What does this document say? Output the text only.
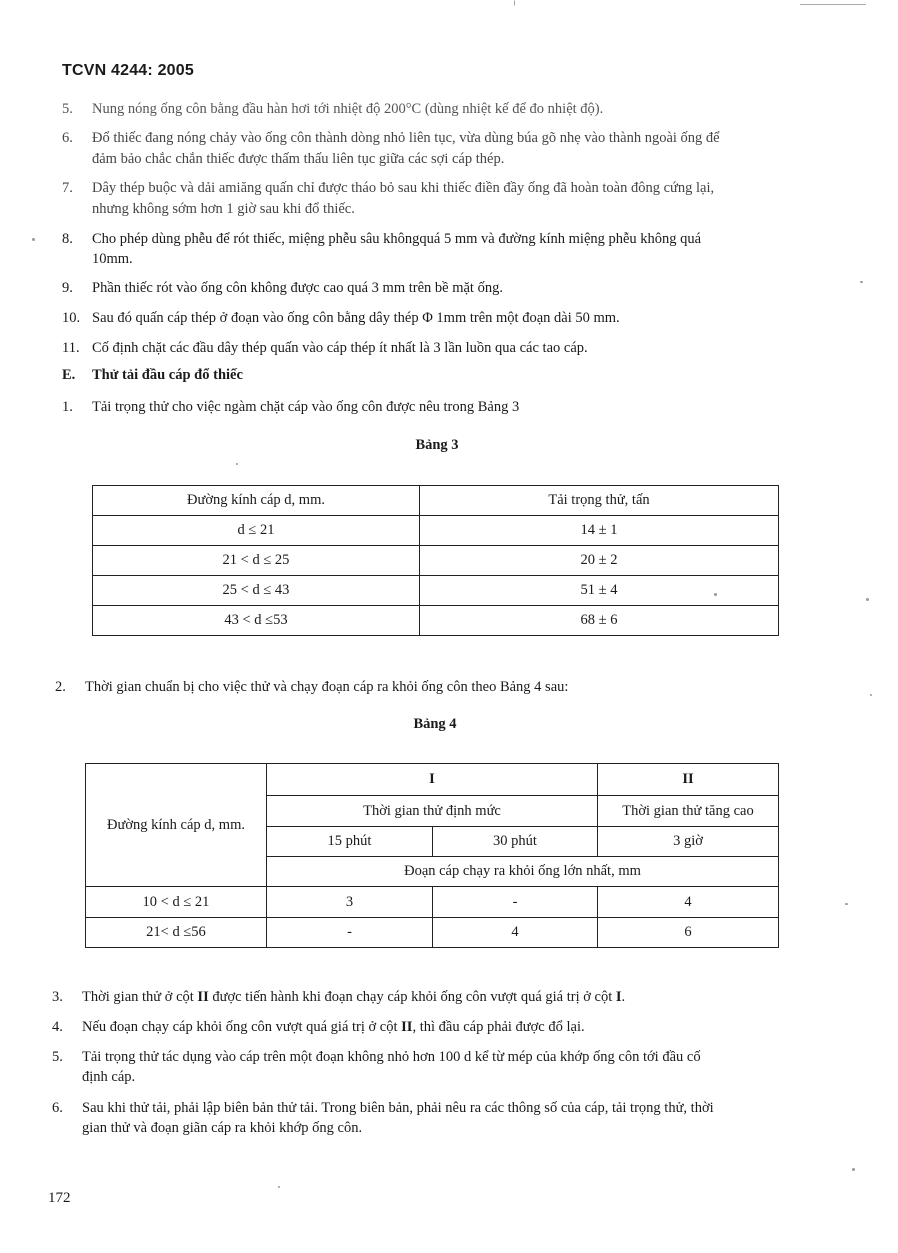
TCVN 4244: 2005
5. Nung nóng ống côn bằng đầu hàn hơi tới nhiệt độ 200°C (dùng nhiệt kế để đo nhiệt độ).
6. Đổ thiếc đang nóng chảy vào ống côn thành dòng nhỏ liên tục, vừa dùng búa gõ nhẹ vào thành ngoài ống để
đảm bảo chắc chắn thiếc được thấm thấu liên tục giữa các sợi cáp thép.
7. Dây thép buộc và dải amiăng quấn chỉ được tháo bỏ sau khi thiếc điền đầy ống đã hoàn toàn đông cứng lại,
nhưng không sớm hơn 1 giờ sau khi đổ thiếc.
8. Cho phép dùng phễu để rót thiếc, miệng phễu sâu khôngquá 5 mm và đường kính miệng phễu không quá
10mm.
9. Phần thiếc rót vào ống côn không được cao quá 3 mm trên bề mặt ống.
10. Sau đó quấn cáp thép ở đoạn vào ống côn bằng dây thép Φ 1mm trên một đoạn dài 50 mm.
11. Cố định chặt các đầu dây thép quấn vào cáp thép ít nhất là 3 lần luồn qua các tao cáp.
E. Thử tải đầu cáp đổ thiếc
1. Tải trọng thử cho việc ngàm chặt cáp vào ống côn được nêu trong Bảng 3
Bảng 3
Đường kính cáp d, mm.	Tải trọng thử, tấn
d ≤ 21	14 ± 1
21 < d ≤ 25	20 ± 2
25 < d ≤ 43	51 ± 4
43 < d ≤53	68 ± 6
2. Thời gian chuẩn bị cho việc thử và chạy đoạn cáp ra khỏi ống côn theo Bảng 4 sau:
Bảng 4
Đường kính cáp d, mm.	I		II
	Thời gian thử định mức		Thời gian thử tăng cao
	15 phút	30 phút	3 giờ
	Đoạn cáp chạy ra khỏi ống lớn nhất, mm		
10 < d ≤ 21	3	-	4
21< d ≤56	-	4	6
3. Thời gian thử ở cột II được tiến hành khi đoạn chạy cáp khỏi ống côn vượt quá giá trị ở cột I.
4. Nếu đoạn chạy cáp khỏi ống côn vượt quá giá trị ở cột II, thì đầu cáp phải được đổ lại.
5. Tải trọng thử tác dụng vào cáp trên một đoạn không nhỏ hơn 100 d kể từ mép của khớp ống côn tới đầu cố
định cáp.
6. Sau khi thử tải, phải lập biên bản thử tải. Trong biên bản, phải nêu ra các thông số của cáp, tải trọng thử, thời
gian thử và đoạn giãn cáp ra khỏi khớp ống côn.
172
